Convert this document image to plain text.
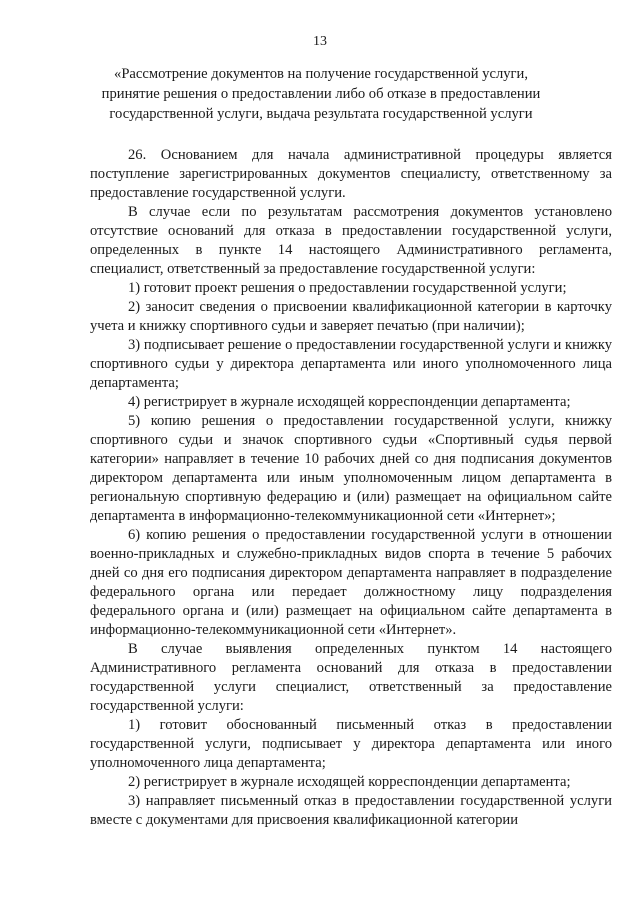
13
«Рассмотрение документов на получение государственной услуги, принятие решения о предоставлении либо об отказе в предоставлении государственной услуги, выдача результата государственной услуги

26. Основанием для начала административной процедуры является поступление зарегистрированных документов специалисту, ответственному за предоставление государственной услуги.

В случае если по результатам рассмотрения документов установлено отсутствие оснований для отказа в предоставлении государственной услуги, определенных в пункте 14 настоящего Административного регламента, специалист, ответственный за предоставление государственной услуги:

1) готовит проект решения о предоставлении государственной услуги;

2) заносит сведения о присвоении квалификационной категории в карточку учета и книжку спортивного судьи и заверяет печатью (при наличии);

3) подписывает решение о предоставлении государственной услуги и книжку спортивного судьи у директора департамента или иного уполномоченного лица департамента;

4) регистрирует в журнале исходящей корреспонденции департамента;

5) копию решения о предоставлении государственной услуги, книжку спортивного судьи и значок спортивного судьи «Спортивный судья первой категории» направляет в течение 10 рабочих дней со дня подписания документов директором департамента или иным уполномоченным лицом департамента в региональную спортивную федерацию и (или) размещает на официальном сайте департамента в информационно-телекоммуникационной сети «Интернет»;

6) копию решения о предоставлении государственной услуги в отношении военно-прикладных и служебно-прикладных видов спорта в течение 5 рабочих дней со дня его подписания директором департамента направляет в подразделение федерального органа или передает должностному лицу подразделения федерального органа и (или) размещает на официальном сайте департамента в информационно-телекоммуникационной сети «Интернет».

В случае выявления определенных пунктом 14 настоящего Административного регламента оснований для отказа в предоставлении государственной услуги специалист, ответственный за предоставление государственной услуги:

1) готовит обоснованный письменный отказ в предоставлении государственной услуги, подписывает у директора департамента или иного уполномоченного лица департамента;

2) регистрирует в журнале исходящей корреспонденции департамента;

3) направляет письменный отказ в предоставлении государственной услуги вместе с документами для присвоения квалификационной категории
